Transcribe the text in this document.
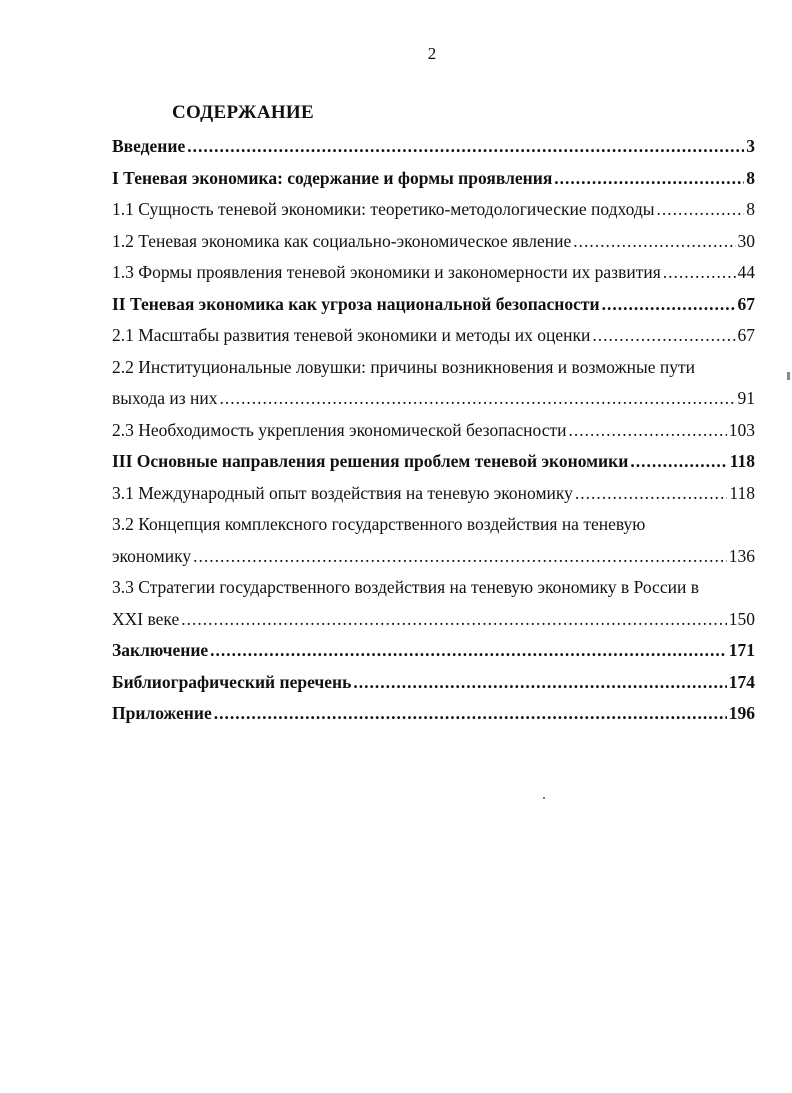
2
СОДЕРЖАНИЕ
Введение .....	3
I Теневая экономика: содержание и формы проявления .....	8
1.1 Сущность теневой экономики: теоретико-методологические подходы .....	8
1.2 Теневая экономика как социально-экономическое явление .....	30
1.3 Формы проявления теневой экономики и закономерности их развития .....	44
II Теневая экономика как угроза национальной безопасности .....	67
2.1 Масштабы развития теневой экономики и методы их оценки .....	67
2.2 Институциональные ловушки: причины возникновения и возможные пути
выхода из них .....	91
2.3 Необходимость укрепления экономической безопасности .....	103
III Основные направления решения проблем теневой экономики .....	118
3.1 Международный опыт воздействия на теневую экономику .....	118
3.2 Концепция комплексного государственного воздействия на теневую
экономику .....	136
3.3 Стратегии государственного воздействия на теневую экономику в России в
XXI веке .....	150
Заключение .....	171
Библиографический перечень .....	174
Приложение .....	196
